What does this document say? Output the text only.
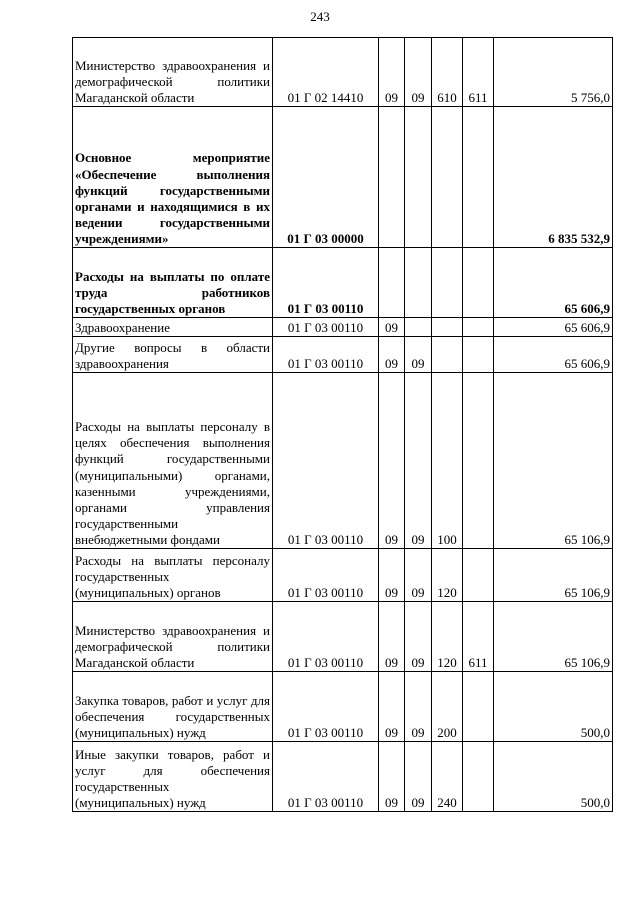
243
Министерство здравоохранения и демографической политики Магаданской области	01 Г 02 14410	09	09	610	611	5 756,0
Основное мероприятие «Обеспечение выполнения функций государственными органами и находящимися в их ведении государственными учреждениями»	01 Г 03 00000					6 835 532,9
Расходы на выплаты по оплате труда работников государственных органов	01 Г 03 00110					65 606,9
Здравоохранение	01 Г 03 00110	09				65 606,9
Другие вопросы в области здравоохранения	01 Г 03 00110	09	09			65 606,9
Расходы на выплаты персоналу в целях обеспечения выполнения функций государственными (муниципальными) органами, казенными учреждениями, органами управления государственными внебюджетными фондами	01 Г 03 00110	09	09	100		65 106,9
Расходы на выплаты персоналу государственных (муниципальных) органов	01 Г 03 00110	09	09	120		65 106,9
Министерство здравоохранения и демографической политики Магаданской области	01 Г 03 00110	09	09	120	611	65 106,9
Закупка товаров, работ и услуг для обеспечения государственных (муниципальных) нужд	01 Г 03 00110	09	09	200		500,0
Иные закупки товаров, работ и услуг для обеспечения государственных (муниципальных) нужд	01 Г 03 00110	09	09	240		500,0
